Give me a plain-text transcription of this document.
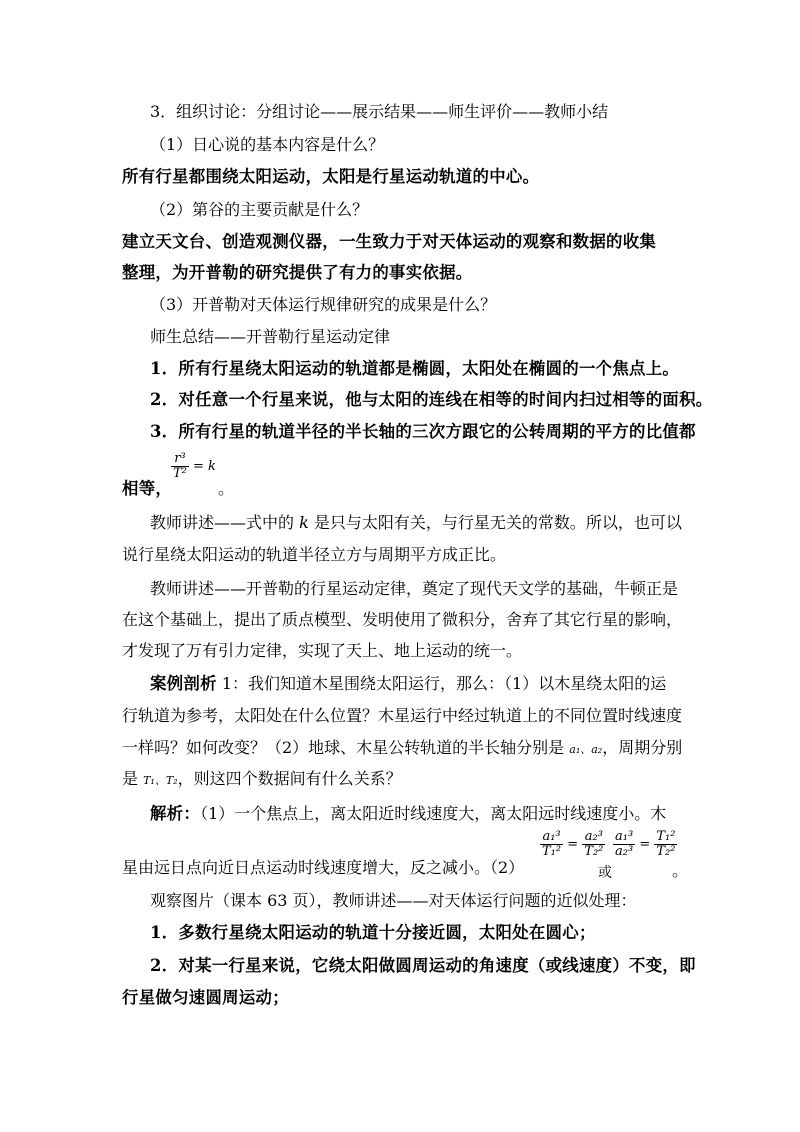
3．组织讨论：分组讨论——展示结果——师生评价——教师小结
（1）日心说的基本内容是什么？
所有行星都围绕太阳运动，太阳是行星运动轨道的中心。
（2）第谷的主要贡献是什么？
建立天文台、创造观测仪器，一生致力于对天体运动的观察和数据的收集
整理，为开普勒的研究提供了有力的事实依据。
（3）开普勒对天体运行规律研究的成果是什么？
师生总结——开普勒行星运动定律
1．所有行星绕太阳运动的轨道都是椭圆，太阳处在椭圆的一个焦点上。
2．对任意一个行星来说，他与太阳的连线在相等的时间内扫过相等的面积。
3．所有行星的轨道半径的半长轴的三次方跟它的公转周期的平方的比值都
相等，
$\frac{\text{r³}}{\text{T²}} = k$
。
教师讲述——式中的 k 是只与太阳有关，与行星无关的常数。所以，也可以
说行星绕太阳运动的轨道半径立方与周期平方成正比。
教师讲述——开普勒的行星运动定律，奠定了现代天文学的基础，牛顿正是
在这个基础上，提出了质点模型、发明使用了微积分，舍弃了其它行星的影响，
才发现了万有引力定律，实现了天上、地上运动的统一。
案例剖析 1：我们知道木星围绕太阳运行，那么：（1）以木星绕太阳的运
行轨道为参考，太阳处在什么位置？木星运行中经过轨道上的不同位置时线速度
一样吗？如何改变？（2）地球、木星公转轨道的半长轴分别是 a₁、a₂，周期分别
是 T₁、T₂，则这四个数据间有什么关系？
解析：（1）一个焦点上，离太阳近时线速度大，离太阳远时线速度小。木
星由远日点向近日点运动时线速度增大，反之减小。（2）
$\frac{\text{a₁³}}{\text{T₁²}} = \frac{\text{a₂³}}{\text{T₂²}}$
或
$\frac{\text{a₁³}}{\text{a₂³}} = \frac{\text{T₁²}}{\text{T₂²}}$
。
观察图片（课本 63 页），教师讲述——对天体运行问题的近似处理：
1．多数行星绕太阳运动的轨道十分接近圆，太阳处在圆心；
2．对某一行星来说，它绕太阳做圆周运动的角速度（或线速度）不变，即
行星做匀速圆周运动；
